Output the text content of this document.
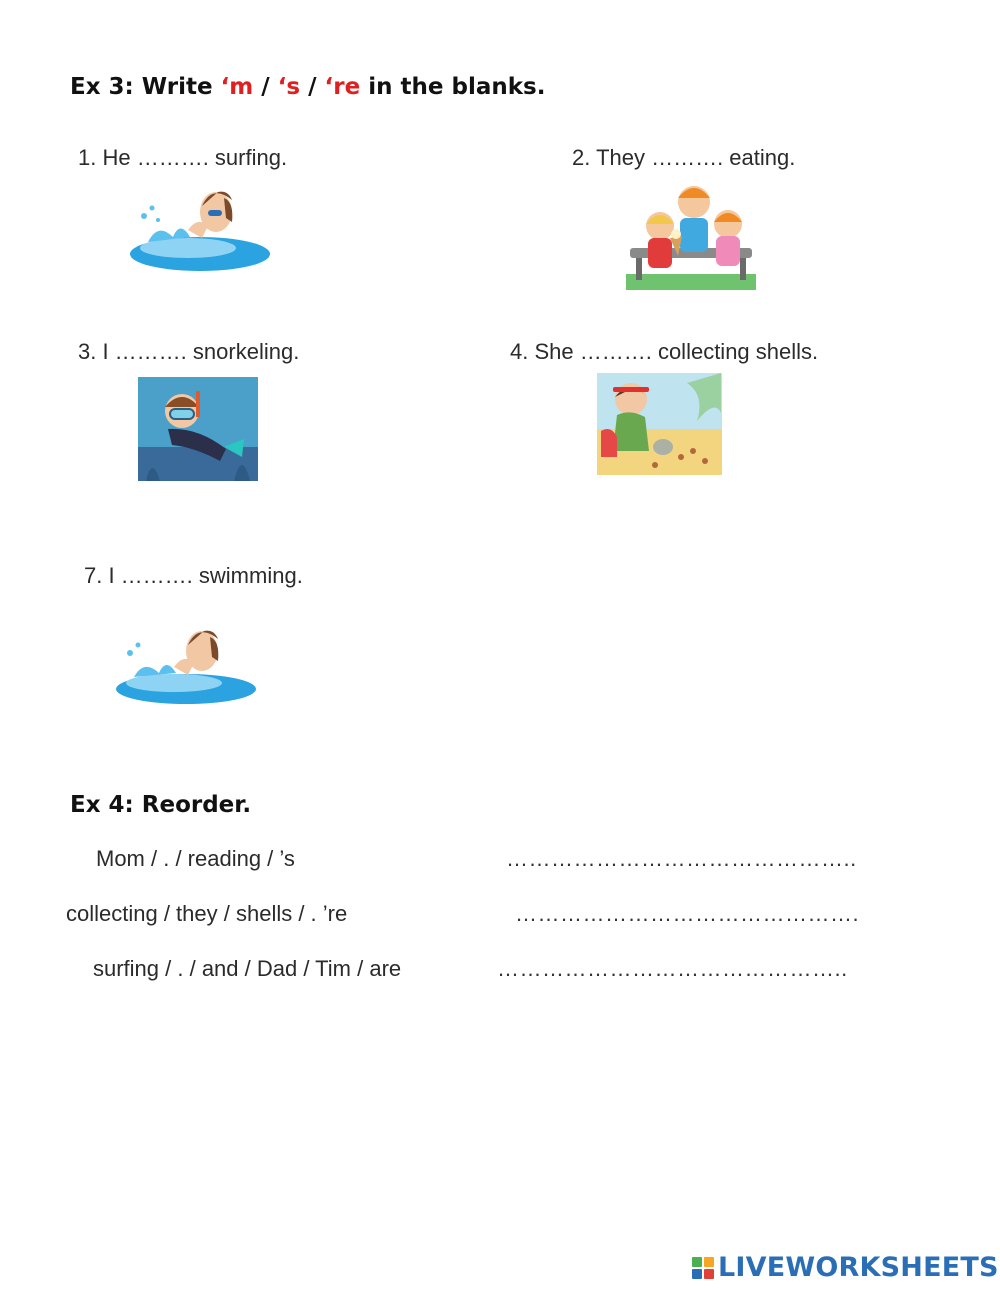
Ex 3: Write ‘m / ‘s / ‘re in the blanks.
1. He ………. surfing.	2. They ………. eating.
3. I ………. snorkeling.	4. She ………. collecting shells.
7. I ………. swimming.
Ex 4: Reorder.
Mom / . / reading / ’s	………………………………………..
collecting / they / shells / . ’re	……………………………………….
surfing / . / and / Dad / Tim / are	………………………………………..
LIVEWORKSHEETS
